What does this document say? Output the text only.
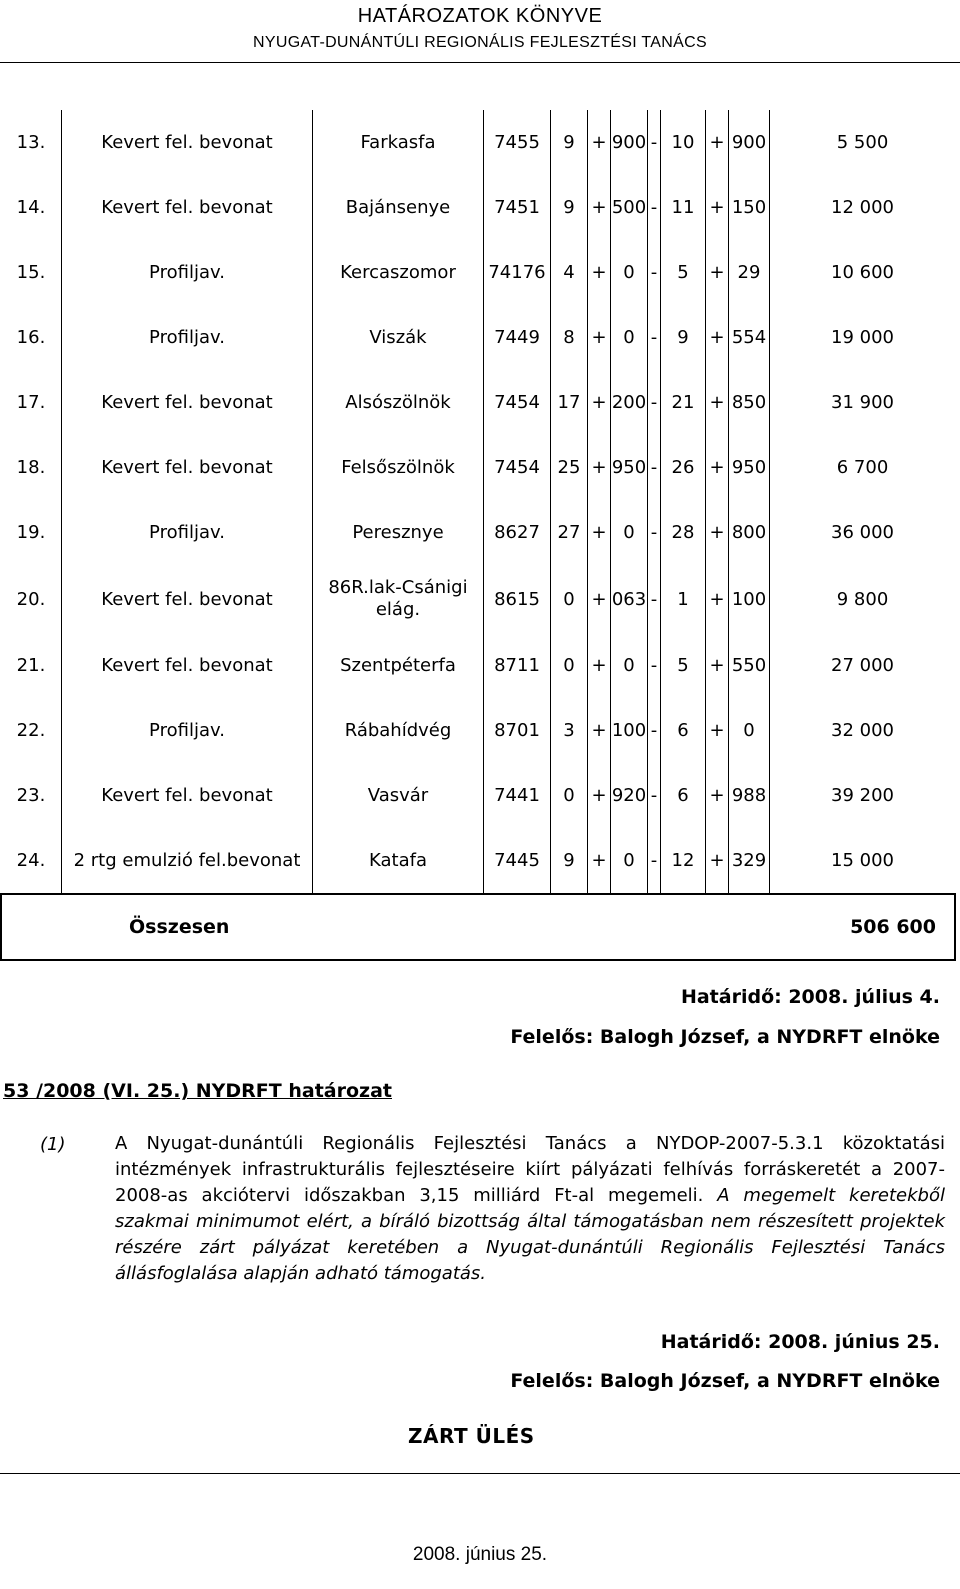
HATÁROZATOK KÖNYVE
NYUGAT-DUNÁNTÚLI REGIONÁLIS FEJLESZTÉSI TANÁCS
13.	Kevert fel. bevonat	Farkasfa	7455	9	+	900	-	10	+	900	5 500
14.	Kevert fel. bevonat	Bajánsenye	7451	9	+	500	-	11	+	150	12 000
15.	Profiljav.	Kercaszomor	74176	4	+	0	-	5	+	29	10 600
16.	Profiljav.	Viszák	7449	8	+	0	-	9	+	554	19 000
17.	Kevert fel. bevonat	Alsószölnök	7454	17	+	200	-	21	+	850	31 900
18.	Kevert fel. bevonat	Felsőszölnök	7454	25	+	950	-	26	+	950	6 700
19.	Profiljav.	Peresznye	8627	27	+	0	-	28	+	800	36 000
20.	Kevert fel. bevonat	86R.lak-Csánigi elág.	8615	0	+	063	-	1	+	100	9 800
21.	Kevert fel. bevonat	Szentpéterfa	8711	0	+	0	-	5	+	550	27 000
22.	Profiljav.	Rábahídvég	8701	3	+	100	-	6	+	0	32 000
23.	Kevert fel. bevonat	Vasvár	7441	0	+	920	-	6	+	988	39 200
24.	2 rtg emulzió fel.bevonat	Katafa	7445	9	+	0	-	12	+	329	15 000
Összesen						506 600					
Határidő: 2008. július 4.
Felelős: Balogh József, a NYDRFT elnöke
53 /2008 (VI. 25.) NYDRFT határozat
(1)	A Nyugat-dunántúli Regionális Fejlesztési Tanács a NYDOP-2007-5.3.1 közoktatási intézmények infrastrukturális fejlesztéseire kiírt pályázati felhívás forráskeretét a 2007-2008-as akciótervi időszakban 3,15 milliárd Ft-al megemeli. A megemelt keretekből szakmai minimumot elért, a bíráló bizottság által támogatásban nem részesített projektek részére zárt pályázat keretében a Nyugat-dunántúli Regionális Fejlesztési Tanács állásfoglalása alapján adható támogatás.
Határidő: 2008. június 25.
Felelős: Balogh József, a NYDRFT elnöke
ZÁRT ÜLÉS
2008. június 25.
